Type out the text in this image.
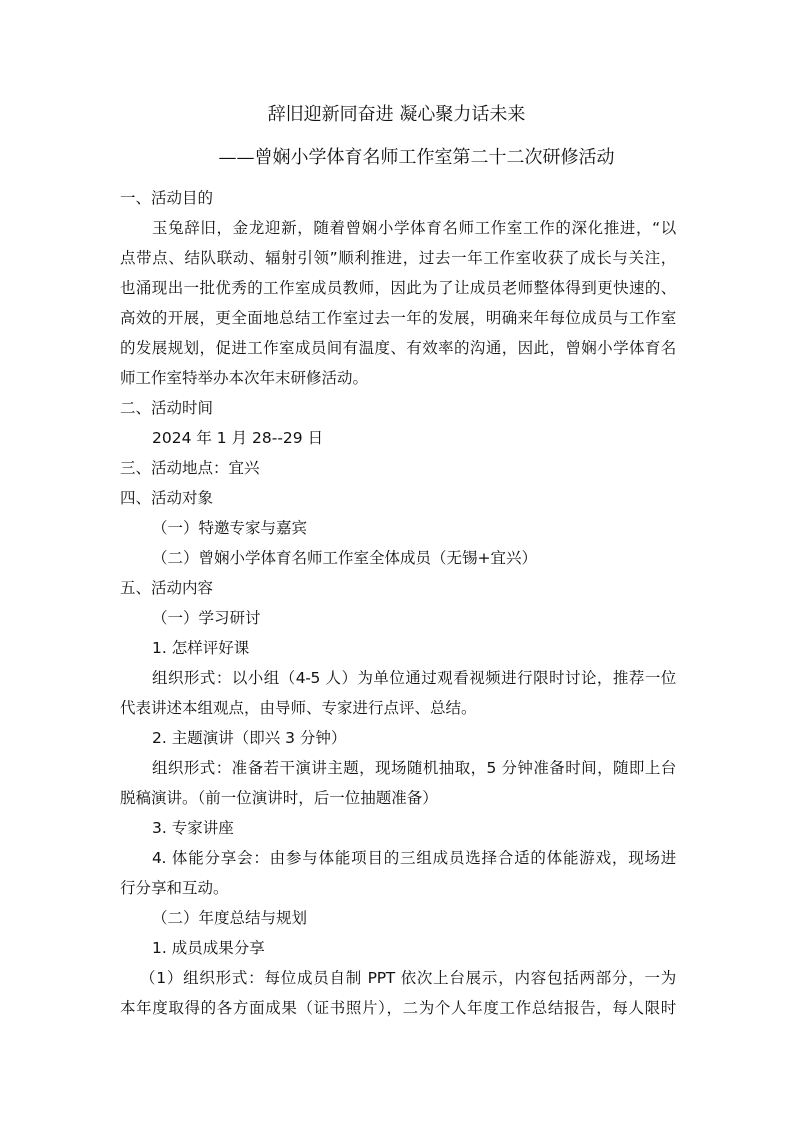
辞旧迎新同奋进 凝心聚力话未来
——曾娴小学体育名师工作室第二十二次研修活动
一、活动目的
玉兔辞旧，金龙迎新，随着曾娴小学体育名师工作室工作的深化推进，“以
点带点、结队联动、辐射引领”顺利推进，过去一年工作室收获了成长与关注，
也涌现出一批优秀的工作室成员教师，因此为了让成员老师整体得到更快速的、
高效的开展，更全面地总结工作室过去一年的发展，明确来年每位成员与工作室
的发展规划，促进工作室成员间有温度、有效率的沟通，因此，曾娴小学体育名
师工作室特举办本次年末研修活动。
二、活动时间
2024 年 1 月 28--29 日
三、活动地点：宜兴
四、活动对象
（一）特邀专家与嘉宾
（二）曾娴小学体育名师工作室全体成员（无锡+宜兴）
五、活动内容
（一）学习研讨
1. 怎样评好课
组织形式：以小组（4-5 人）为单位通过观看视频进行限时讨论，推荐一位
代表讲述本组观点，由导师、专家进行点评、总结。
2. 主题演讲（即兴 3 分钟）
组织形式：准备若干演讲主题，现场随机抽取，5 分钟准备时间，随即上台
脱稿演讲。（前一位演讲时，后一位抽题准备）
3. 专家讲座
4. 体能分享会：由参与体能项目的三组成员选择合适的体能游戏，现场进
行分享和互动。
（二）年度总结与规划
1. 成员成果分享
（1）组织形式：每位成员自制 PPT 依次上台展示，内容包括两部分，一为
本年度取得的各方面成果（证书照片），二为个人年度工作总结报告，每人限时
